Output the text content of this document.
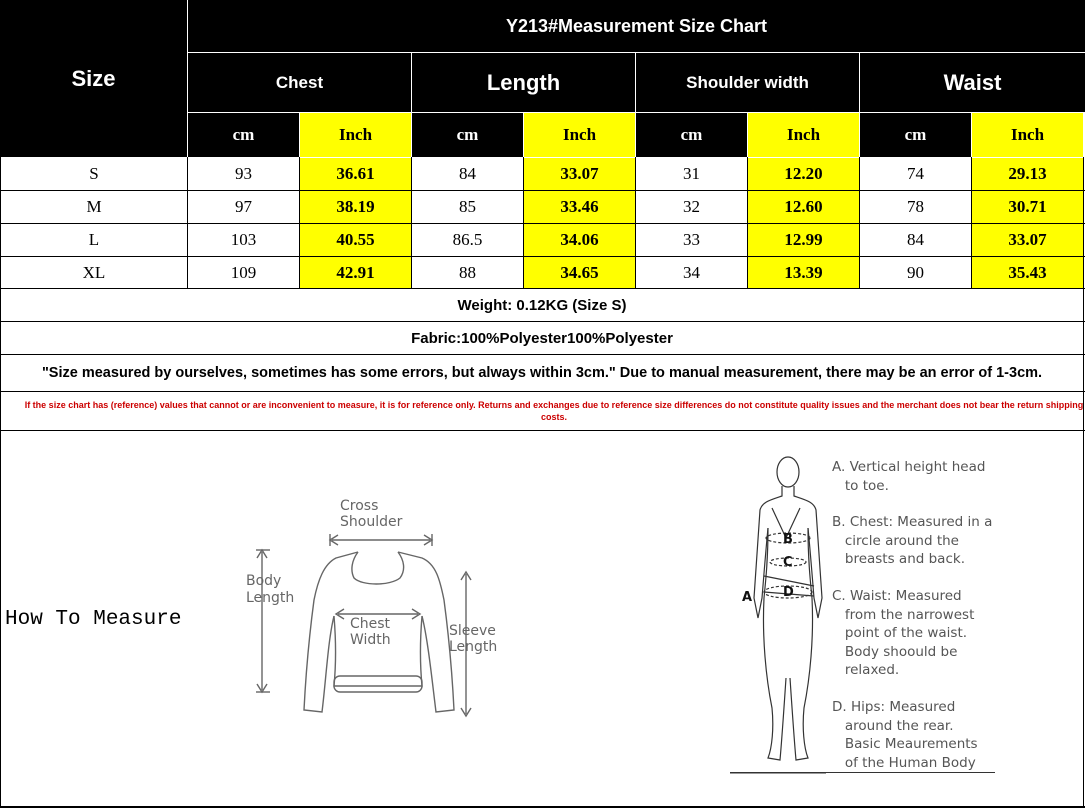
Size
Y213#Measurement Size Chart
Chest	Length	Shoulder width	Waist
cm	Inch	cm	Inch	cm	Inch	cm	Inch
S	93	36.61	84	33.07	31	12.20	74	29.13
M	97	38.19	85	33.46	32	12.60	78	30.71
L	103	40.55	86.5	34.06	33	12.99	84	33.07
XL	109	42.91	88	34.65	34	13.39	90	35.43
Weight: 0.12KG (Size S)
Fabric:100%Polyester100%Polyester
"Size measured by ourselves, sometimes has some errors, but always within 3cm." Due to manual measurement, there may be an error of 1-3cm.
If the size chart has (reference) values that cannot or are inconvenient to measure, it is for reference only. Returns and exchanges due to reference size differences do not constitute quality issues and the merchant does not bear the return shipping costs.
How To Measure
Cross
Shoulder
Body
Length
Chest
Width
Sleeve
Length
A
B
C
D
A. Vertical height head
to toe.
B. Chest: Measured in a
circle around the
breasts and back.
C. Waist: Measured
from the narrowest
point of the waist.
Body shoould be
relaxed.
D. Hips: Measured
around the rear.
Basic Meaurements
of the Human Body
